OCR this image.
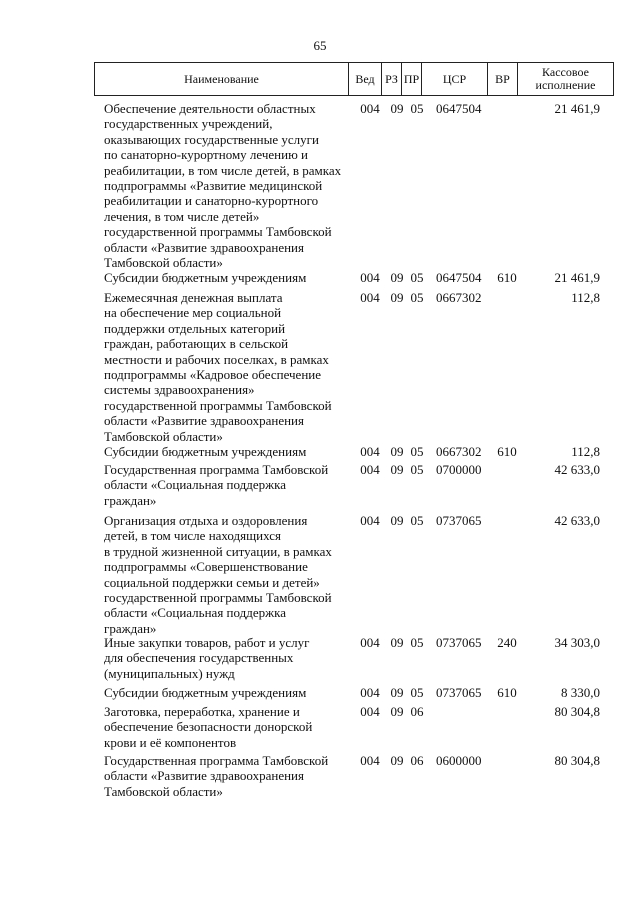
65
Наименование	Вед РЗ ПР	ЦСР	ВР	Кассовое
исполнение
Обеспечение деятельности областных
государственных учреждений,
оказывающих государственные услуги
по санаторно-курортному лечению и
реабилитации, в том числе детей, в рамках
подпрограммы «Развитие медицинской
реабилитации и санаторно-курортного
лечения, в том числе детей»
государственной программы Тамбовской
области «Развитие здравоохранения
Тамбовской области»
004 09 05 0647504	21 461,9
Субсидии бюджетным учреждениям	004 09 05 0647504	610	21 461,9
Ежемесячная денежная выплата
на обеспечение мер социальной
поддержки отдельных категорий
граждан, работающих в сельской
местности и рабочих поселках, в рамках
подпрограммы «Кадровое обеспечение
системы здравоохранения»
государственной программы Тамбовской
области «Развитие здравоохранения
Тамбовской области»
004 09 05 0667302	112,8
Субсидии бюджетным учреждениям	004 09 05 0667302	610	112,8
Государственная программа Тамбовской
области «Социальная поддержка
граждан»
004 09 05 0700000	42 633,0
Организация отдыха и оздоровления
детей, в том числе находящихся
в трудной жизненной ситуации, в рамках
подпрограммы «Совершенствование
социальной поддержки семьи и детей»
государственной программы Тамбовской
области «Социальная поддержка
граждан»
004 09 05 0737065	42 633,0
Иные закупки товаров, работ и услуг
для обеспечения государственных
(муниципальных) нужд
004 09 05 0737065	240	34 303,0
Субсидии бюджетным учреждениям	004 09 05 0737065	610	8 330,0
Заготовка, переработка, хранение и
обеспечение безопасности донорской
крови и её компонентов
004 09 06	80 304,8
Государственная программа Тамбовской
области «Развитие здравоохранения
Тамбовской области»
004 09 06 0600000	80 304,8
